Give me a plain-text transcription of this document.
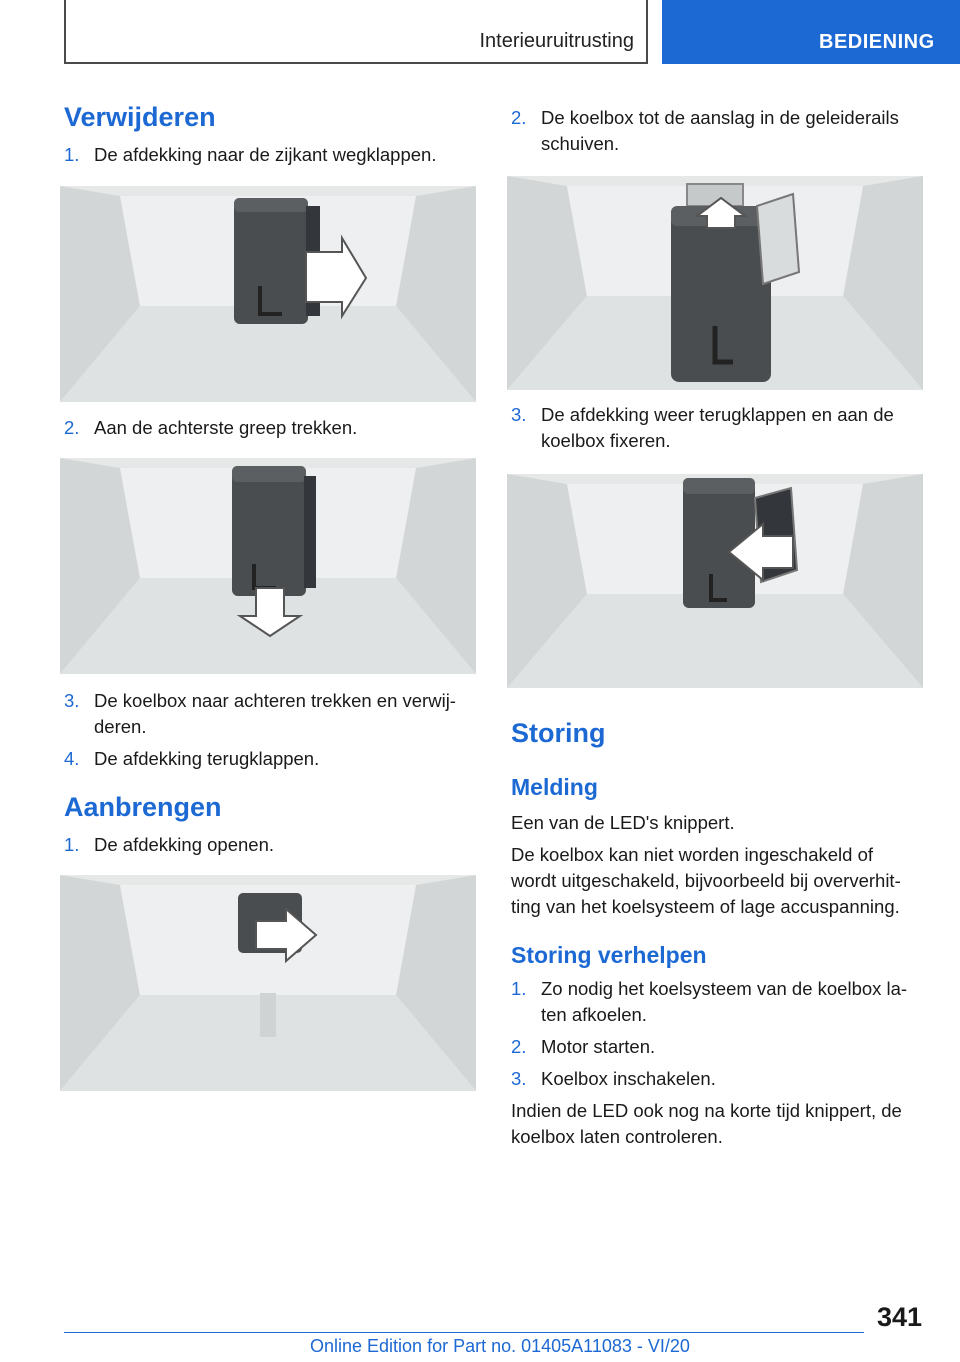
Interieuruitrusting	BEDIENING
Verwijderen
1. De afdekking naar de zijkant wegklappen.
2. Aan de achterste greep trekken.
3. De koelbox naar achteren trekken en verwij‐ deren.
4. De afdekking terugklappen.
Aanbrengen
1. De afdekking openen.
2. De koelbox tot de aanslag in de geleiderails schuiven.
3. De afdekking weer terugklappen en aan de koelbox fixeren.
Storing
Melding
Een van de LED's knippert.
De koelbox kan niet worden ingeschakeld of wordt uitgeschakeld, bijvoorbeeld bij oververhit‐ ting van het koelsysteem of lage accuspanning.
Storing verhelpen
1. Zo nodig het koelsysteem van de koelbox la‐ ten afkoelen.
2. Motor starten.
3. Koelbox inschakelen.
Indien de LED ook nog na korte tijd knippert, de koelbox laten controleren.
341
Online Edition for Part no. 01405A11083 - VI/20
